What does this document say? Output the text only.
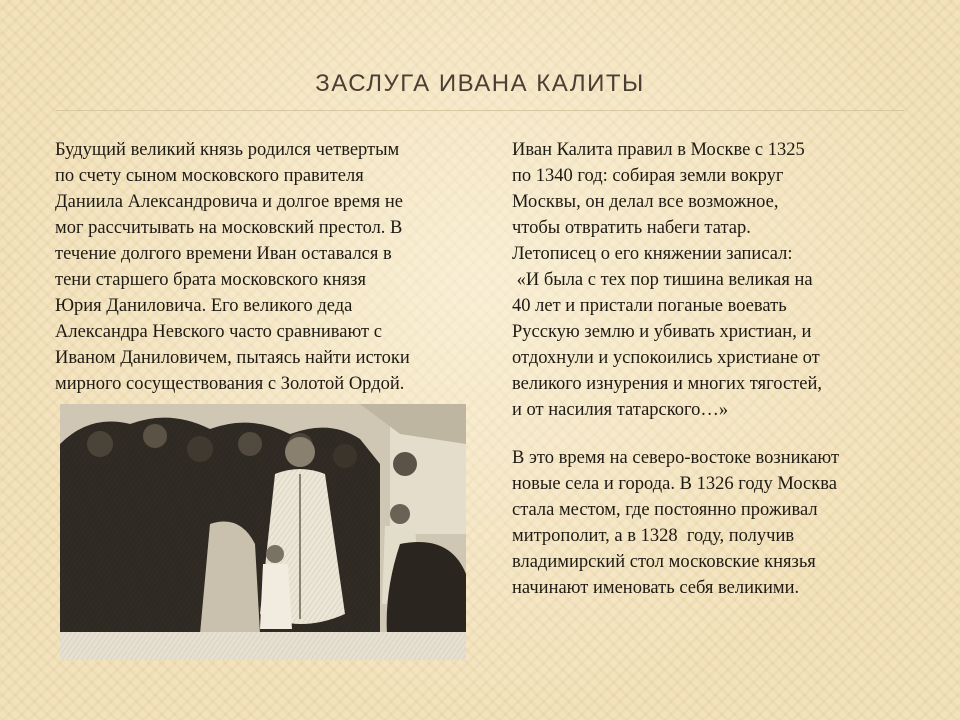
ЗАСЛУГА ИВАНА КАЛИТЫ
Будущий великий князь родился четвертым
по счету сыном московского правителя
Даниила Александровича и долгое время не
мог рассчитывать на московский престол. В
течение долгого времени Иван оставался в
тени старшего брата московского князя
Юрия Даниловича. Его великого деда
Александра Невского часто сравнивают с
Иваном Даниловичем, пытаясь найти истоки
мирного сосуществования с Золотой Ордой.
Иван Калита правил в Москве с 1325
по 1340 год: собирая земли вокруг
Москвы, он делал все возможное,
чтобы отвратить набеги татар.
Летописец о его княжении записал:
«И была с тех пор тишина великая на
40 лет и пристали поганые воевать
Русскую землю и убивать христиан, и
отдохнули и успокоились христиане от
великого изнурения и многих тягостей,
и от насилия татарского…»
В это время на северо-востоке возникают
новые села и города. В 1326 году Москва
стала местом, где постоянно проживал
митрополит, а в 1328  году, получив
владимирский стол московские князья
начинают именовать себя великими.
